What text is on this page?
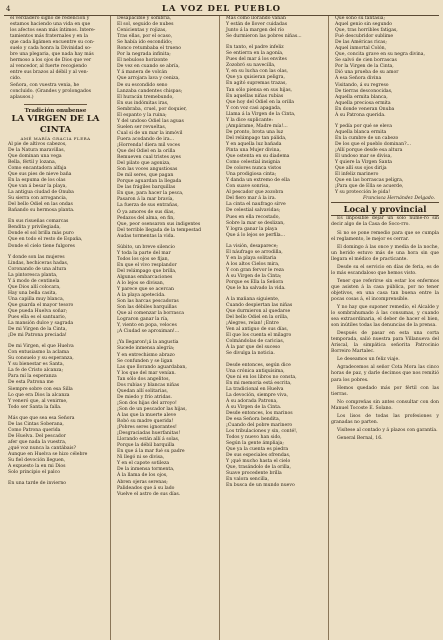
4	LA VOZ DEL PUEBLO

el verdadero signo de redención y

estamos haciendo una vida en que

los afectos sean más íntimos. Intere-

tamientos más fraternales y en la

que cada ligámen encuentre su con-

suelo y cada honra la Divinidad so-

bre una plegaria, que nada hay más

hermoso a los ojos de Dios que ver

al vencedor, al fuerte recogiendo

entre sus brazos al débil y al ven-

cido.

Señora, con vuestra venia, he

concluido. (Grandes y prolongados

aplausos.)

Tradición onubense

LA VIRGEN DE LA CINTA

AMÉ MARÍA GRACIA FLERA

Al pie de altivos cabezos,

De la Natura maravillas,

Que dominan una vega

Bella, fértil y lozana,

Como encantadora alfaja

Que sus pies de nieve baña

En la espuma de los olas

Que van á besar la playa,

La antigua ciudad de Onuba

Su sierra con arrogancia,

Del bello Odiel en las ondas

Bañando su hermosa planta.

En sus risueñas comarcas

Bendita y privilegiada,

Donde el sol brilla más puro

Que en todo el resto de España,

Donde el cielo tiene fulgores

Y donde son las mujeres

Lindas, hechiceras hadas,

Coronando de una altura

La pintoresca planta,

Y á modo de centinela

Que Dios allí colocara,

Hay una bella casita,

Una capilla muy blanca,

Que guarda el mayor tesoro

Que pueda Huelva soñar;

Pues ella es el santuario,

La mansión dulce y sagrada

De mi Virgen de la Cinta,

¡De mi Patrona preciada!

De mi Virgen, el que Huelva

Con entusiasmo la aclama

Su consuelo y su esperanza,

Y su bienestar es Santa,

La fe de Cristo alcanza;

Para mí la esperanza

De esta Patrona me

Siempre sobre con esa Silla

Lo que era Dios la alcanza

Y veneró que, al venirme,

Todo ser Santa la falla.

Más que que sea esa Señora

De las Cintas Soberana,

Como Patrona querida

De Huelva. Del pescador

afer que nada la vuestra,

¿qué voz nunca la cantábais?

Aunque en Huelva se hizo célebre

Su fiel devoción lleguen,

A expuesto la en mi Dios

Solo principio el palco

En una tarde de invierno

Desapacible y sombría,

El sol, seguido de nubes

Cenicientas y rojizas,

Tras ellas, por el ocaso,

Se había ido escondido;

Ronco retumbaba el trueno

Por la negrada infinita;

El nebuloso horizonte

De vez en cuando se abría,

Y á manera de volcán

Que arrojara lava y ceniza,

De su escondido seno

Lanzaba candentes chispas;

El huracán tremebundo,

En sus indómitas iras,

Sembraba, cruel, por doquier,

El espanto y la ruina;

Y del undoso Odiel las aguas

Suelen ser revueltas,

Cual si de un mar la inmóvil

Fuera acodando de ira...

¡Horrenda! diera mil voces

Que del Odiel en la orilla

Remueven cual tristes ayes

Del pilato que agoniza,

Son las voces angustiosas

De mil seres, que pagan

Porque aguardan la llegada

De las frágiles barquillas

En que, para hacer la pesca,

Pasaron á la mar bravía,

La fuerza de sus entrañas,

Ó ya amores de sus días,

Pedazos del alma, en fin,

Que, peor osensaron sus indigentes

Del terrible llegada de la tempestad

Audas tormentas la vida.

Súbito, un breve silencio

Y toda la parte del mar

Todos los ojos se fijan,

En que el vivo resplandor

Del relámpago que brilla,

Algunas embarcaciones

A lo lejos se divisan,

Y parece que se acercan

A la playa apetecida.

Son las barcas pescadoras

Son las débiles barquillas

Que al comenzar la borrasca

Lograron ganar la ría,

Y, viento en popa, veloces

¡A Ciudad se aproximan!...

¡Ya llegaron!¡á la angustia

Sucede inmensa alegría;

Y en entrechismo abrazo

Se confunden y se ligan

Las que llorando aguardaban,

Y los que del mar venían.

Tan sólo dos angelitos,

Dos rubias y blancas niñas

Quedan allí solitarias,

De miedo y frío atridas.

¡Son dos hijas del arroyo!

¡Son de un pescador las hijas,

A las que la muerte aleve

Robó su madre querida!

¡Pobres seres ignorantes!

¡Desgraciadas huerfanitas!

Llorando están allí á solas,

Porque la débil barquilla

En que á la mar fué su padre

Ni llegó ni se divisa,

Y en el capote sotileza

De la inmensa tormenta,

Á la llama de los ojos,

Abren ojeras serenas;

Palideados que á su lado

Vuelve el astro de sus días.

Mas como llorando vanan

Y están de llover cuidadas

Junto á la margen del río

Se durmieron las pobres niñas...

En tanto, el padre infeliz

Se entierra en la agonía,

Pues del mar á los envites

Zozobró su navecilla,

Y, en su lucha con las olas,

Que ya quisieran peligra,

En agitó supremas trazas,

Tan sólo piensa en sus hijas,

En aquellas niñas rubias

Que hoy del Odiel en la orilla

Y con voz casi apagada,

Llama á la Virgen de la Cinta,

Y la dice suplicante:

¡Ampárame, Madre mía!...

De pronto, brota una luz

Del relámpago tan pálida,

Y en aquella luz bañada

Pinta una Mujer divina,

Que ostenta en su diadema

Como celestial insignia

De colores nunca vistos

Una prodigiosa cinta;

Y danda un extremo de ella

Con suave sonrisa,

Al pescador que zozobra

Del fiero mar á la ira.

La cinta el naufrago sírve

De celestial salvavidas;

Pues en ella recostado,

Sobre la mar se deslizan,

Y logra ganar la playa

Que á lo lejos se perfila...

La visión, desaparece;

El náufrago se arrodilla,

Y en la playa solitaria

A los altos Cielos mira,

Y con gran fervor le reza

Á su Virgen de la Cinta;

Porque es Ella la Señora

Que le ha salvado la vida.

A la mañana siguiente,

Cuando despiertan las niñas

Que durmieron al quedarse

Del bello Odiel en la orilla,

¡Alegres, reían! ¡Entre

Ven al antiguo de sus días,

El que los cuenta el milagro

Colmándolas de caricias,

Á la par que del suceso

Se divulga la noticia.

Desde entonces, según dice

Una crónica antiquísima,

Que ni en los libros no consta,

En mi memoria está escrita,

La tradicional en Huelva

La devoción, siempre viva,

Á su adorada Patrona,

Á su Virgen de la Cinta.

Desde entonces, los marinos

De esa Señora bendita,

¡Cuando del pobre marinero

Los tribulaciones y sin, conté!,

Todos y nuevo han sido,

Según la gente ámpliaja;

Que ya la cuenta es piedra

De sus especiales ofrendas,

Y ¡qué mucho hasta el cielo

Que, trasándolo de la orilla,

Suave procedente brilla

En valora sencilla,

En busca de un mundo nuevo

Que soñó su fantasía;

Aquel genio sin segundo

Que, tras horribles fatigas,

Fué descubridor sublime

De las Américas ricas;

Aquel inmortal Colón,

Que, concita grave en su negra divina,

Se salvó de cien borrascas

Por la Virgen de la Cinta,

Dió una prueba de su amor

Á esa Señora divina

Visitando, á su regreso

De tierras desconocidas,

Aquella ermita blanca,

Aquella preciosa ermita

En donde veneran Onuba

Á su Patrona querida.

Y pedía por qué se eleva

Aquella blanca ermita

En la cumbre de un cabezo

De los que el pueblo dominan?...

¡Allí porque desde esa altura

El undoso mar se divisa,

Y quiere la Virgen Santa

Que allí sus ojos dirija

El infeliz marinero

Que en las borrascas peligra,

¡Para que de Ella se acuerde,

Y su protección le pida!

Francisca Hernández Delgado.

Local y provincial

Es imposible dejar un sólo núme-ro sin decir algo de la Casa de Soco-rro.

Si no se pone remedio para que se cumpla el reglamento, le mejor es cerrar.

El domingo á las once y media de la noche, un herido estuvo más de una hora sin que llegara el médico de practicante.

Desde su el servicio en días de feria, es de lo más escandaloso que hemos visto.

Tener que referirse sin estar los enfermos que asisten á la casa pública, por no tener objetivos, en una casa tan buena entre la pocas cosas á, el incomprensible.

Y no hay que suponer remedio, el Alcalde y lo sombrahumado á las consumas, y cuando sea extraordinaria, el deber de hacer el bien, son inútiles todas las denuncias de la prensa.

Después de pasar en esta una corta temporada, salió nuestra para Villanueva del Ariscal, la simpática señorita Patrocinio Borreiro Martalec.

Le deseamos un feliz viaje.

Agradecemos al señor Cota Mora las cinco horas de paz, y darle decimos que nos remitió para los pobres.

Hemos quedado más por fértil con las tierras.

No compreñas sin antes consultar con don Manuel Tocoste E. Solano.

Los lisos de todas las profesiones y granadas no parten.

Visítese al contado y á plazos con garantía.

General Bernal, 16.
